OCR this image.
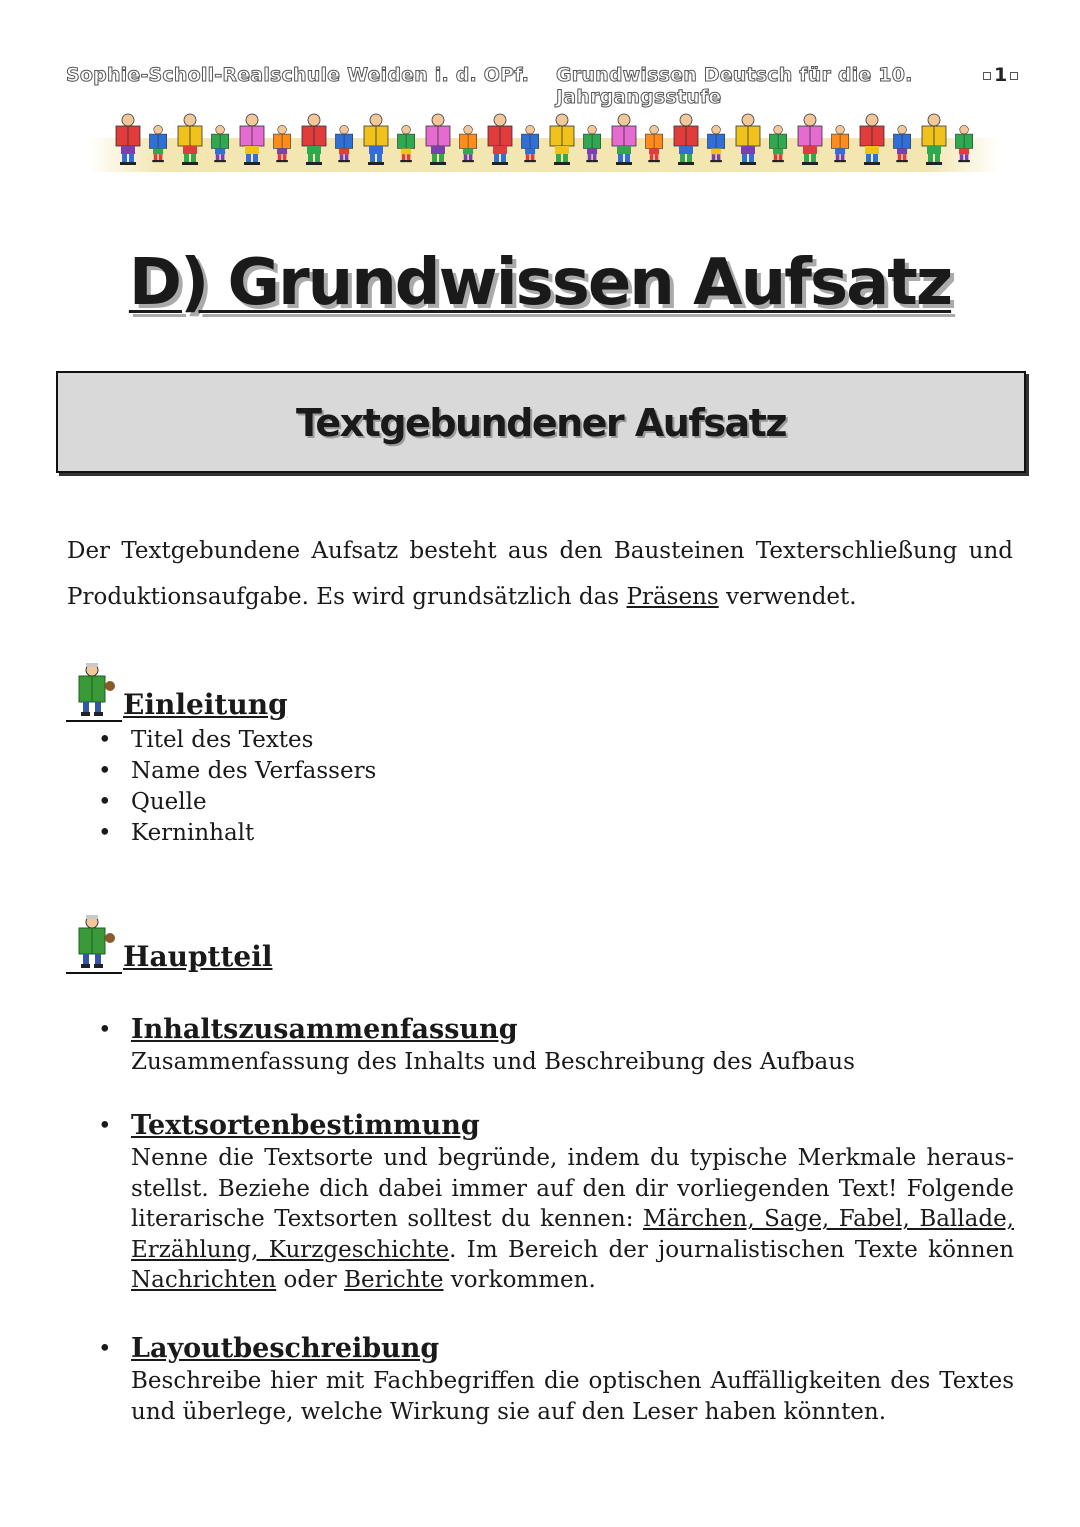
Sophie-Scholl-Realschule Weiden i. d. OPf. Grundwissen Deutsch für die 10. Jahrgangsstufe
1
D) Grundwissen Aufsatz
Textgebundener Aufsatz
Der Textgebundene Aufsatz besteht aus den Bausteinen Texterschließung und Produktionsaufgabe. Es wird grundsätzlich das Präsens verwendet.
Einleitung
• Titel des Textes
• Name des Verfassers
• Quelle
• Kerninhalt
Hauptteil
• Inhaltszusammenfassung
Zusammenfassung des Inhalts und Beschreibung des Aufbaus
• Textsortenbestimmung
Nenne die Textsorte und begründe, indem du typische Merkmale herausstellst. Beziehe dich dabei immer auf den dir vorliegenden Text! Folgende literarische Textsorten solltest du kennen: Märchen, Sage, Fabel, Ballade, Erzählung, Kurzgeschichte. Im Bereich der journalistischen Texte können Nachrichten oder Berichte vorkommen.
• Layoutbeschreibung
Beschreibe hier mit Fachbegriffen die optischen Auffälligkeiten des Textes und überlege, welche Wirkung sie auf den Leser haben könnten.
